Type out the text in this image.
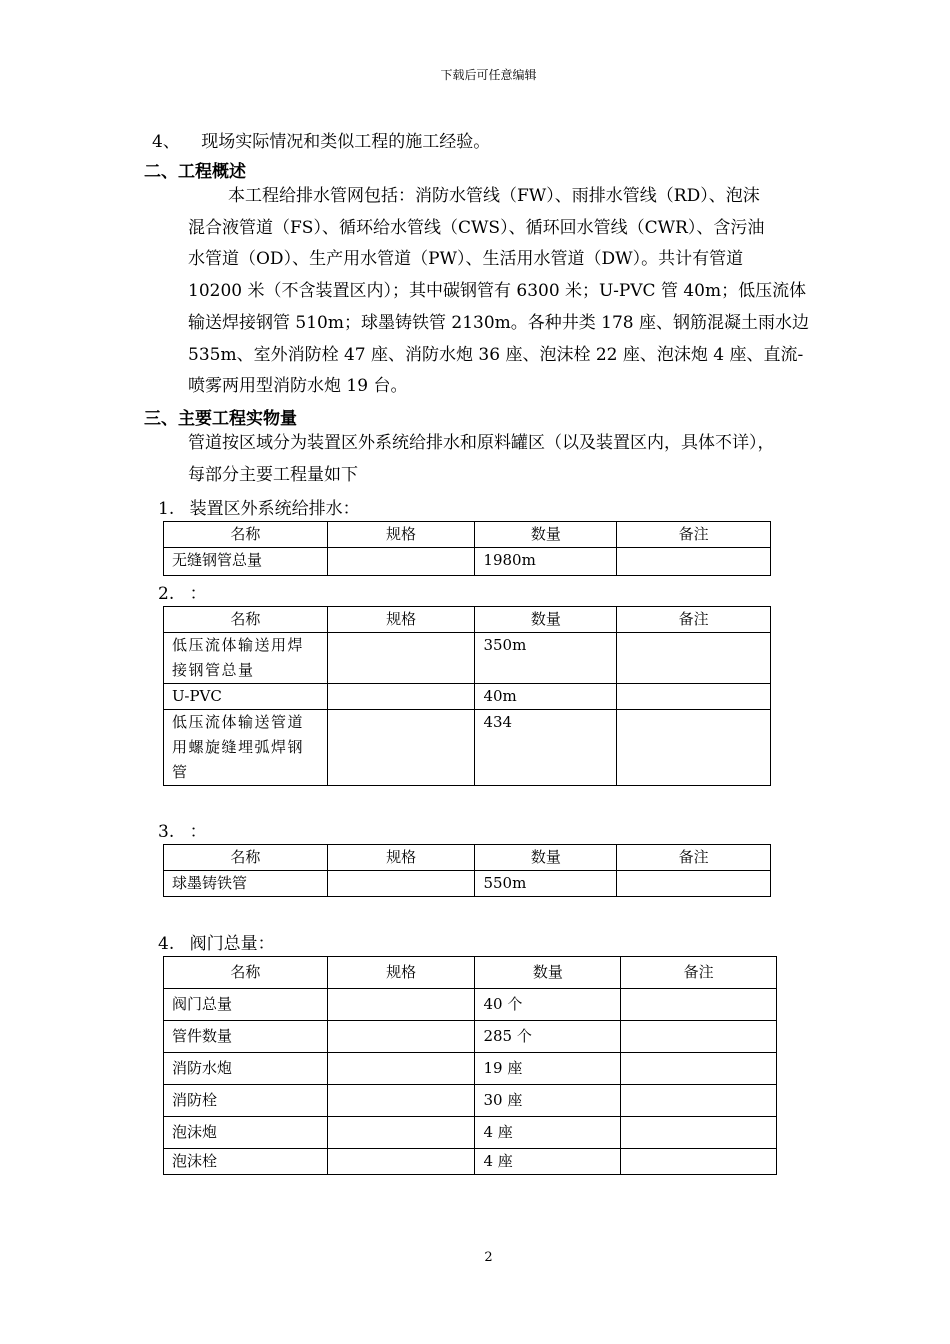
下载后可任意编辑
4、 现场实际情况和类似工程的施工经验。
二、工程概述
本工程给排水管网包括：消防水管线（FW）、雨排水管线（RD）、泡沫
混合液管道（FS）、循环给水管线（CWS）、循环回水管线（CWR）、含污油
水管道（OD）、生产用水管道（PW）、生活用水管道（DW）。共计有管道
10200 米（不含装置区内）；其中碳钢管有 6300 米；U-PVC 管 40m；低压流体
输送焊接钢管 510m；球墨铸铁管 2130m。各种井类 178 座、钢筋混凝土雨水边
535m、室外消防栓 47 座、消防水炮 36 座、泡沫栓 22 座、泡沫炮 4 座、直流-
喷雾两用型消防水炮 19 台。
三、主要工程实物量
管道按区域分为装置区外系统给排水和原料罐区（以及装置区内，具体不详），
每部分主要工程量如下
1. 装置区外系统给排水：
名称	规格	数量	备注
无缝钢管总量		1980m	
2. ：
名称	规格	数量	备注
低压流体输送用焊接钢管总量		350m	
U-PVC		40m	
低压流体输送管道用螺旋缝埋弧焊钢管		434	
3. ：
名称	规格	数量	备注
球墨铸铁管		550m	
4. 阀门总量：
名称	规格	数量	备注
阀门总量		40 个	
管件数量		285 个	
消防水炮		19 座	
消防栓		30 座	
泡沫炮		4 座	
泡沫栓		4 座	
2
